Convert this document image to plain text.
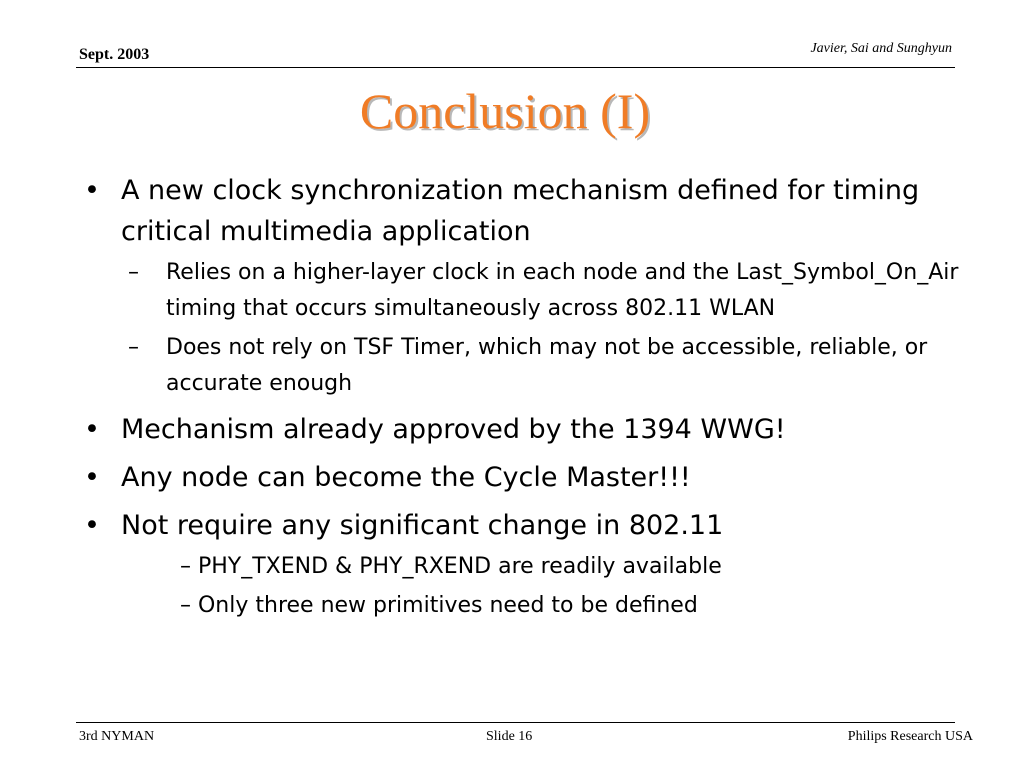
Sept. 2003	Javier, Sai and Sunghyun
Conclusion (I)
• A new clock synchronization mechanism defined for timing critical multimedia application
– Relies on a higher-layer clock in each node and the Last_Symbol_On_Air timing that occurs simultaneously across 802.11 WLAN
– Does not rely on TSF Timer, which may not be accessible, reliable, or accurate enough
• Mechanism already approved by the 1394 WWG!
• Any node can become the Cycle Master!!!
• Not require any significant change in 802.11
– PHY_TXEND & PHY_RXEND are readily available
– Only three new primitives need to be defined
3rd NYMAN	Slide 16	Philips Research USA
